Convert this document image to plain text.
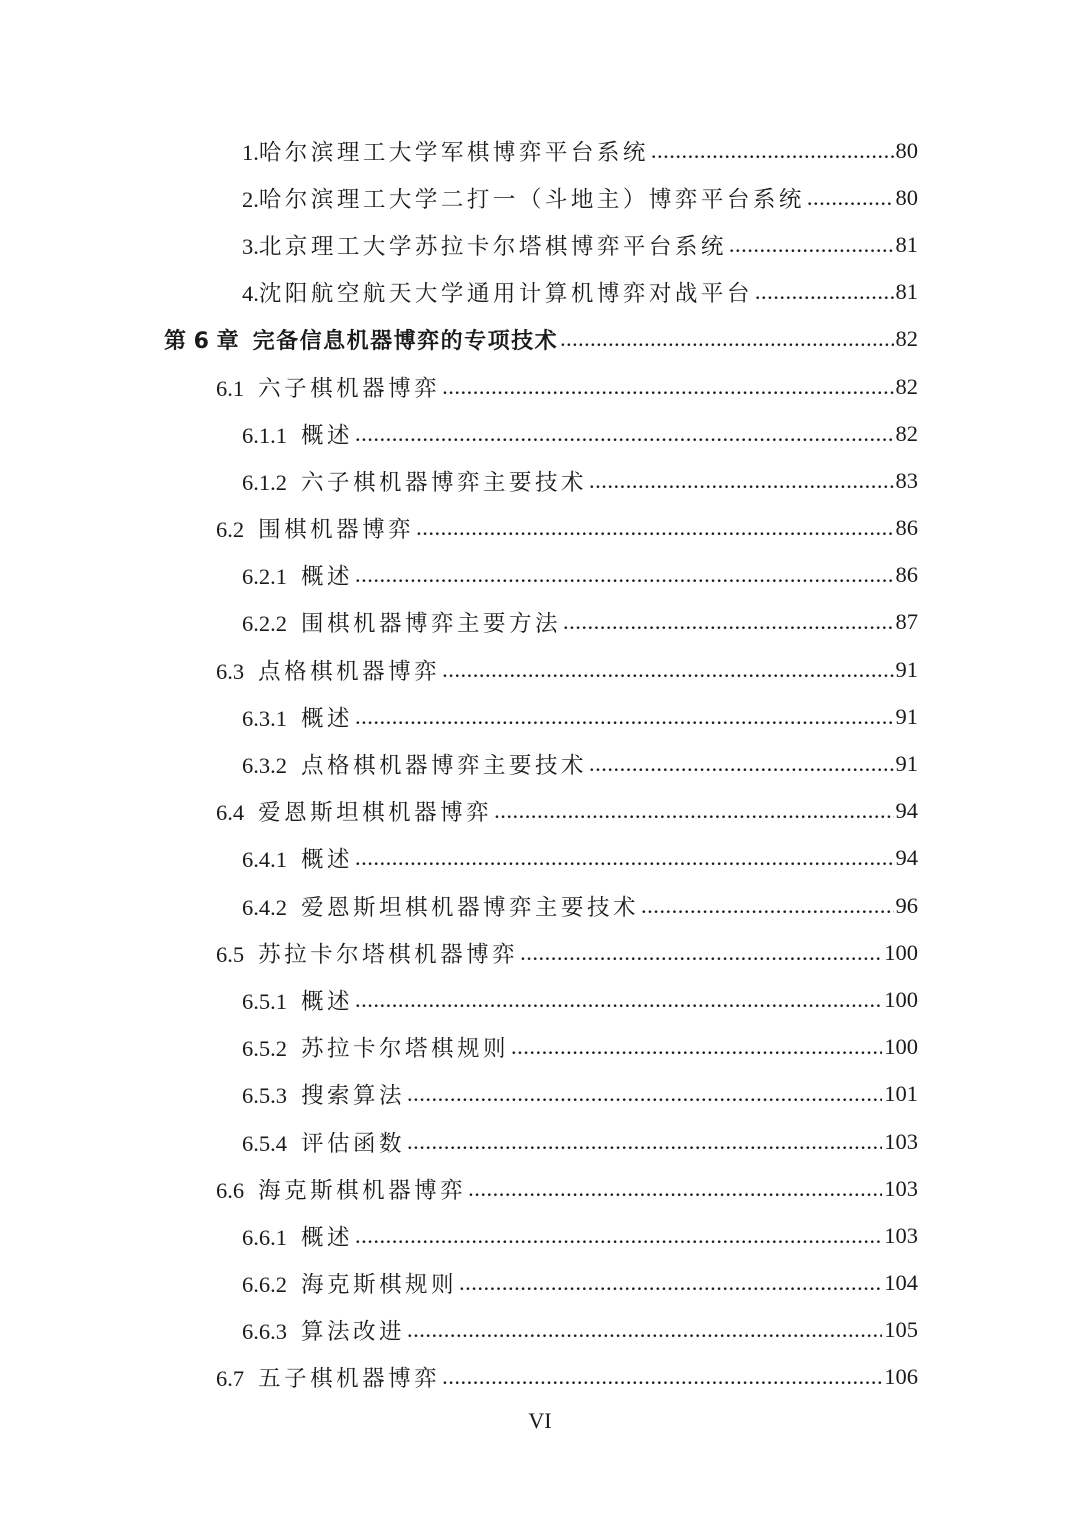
1.哈尔滨理工大学军棋博弈平台系统 .....	80
2.哈尔滨理工大学二打一（斗地主）博弈平台系统 .....	80
3.北京理工大学苏拉卡尔塔棋博弈平台系统 .....	81
4.沈阳航空航天大学通用计算机博弈对战平台 .....	81
第 6 章 完备信息机器博弈的专项技术 .....	82
6.1 六子棋机器博弈 .....	82
6.1.1 概述 .....	82
6.1.2 六子棋机器博弈主要技术 .....	83
6.2 围棋机器博弈 .....	86
6.2.1 概述 .....	86
6.2.2 围棋机器博弈主要方法 .....	87
6.3 点格棋机器博弈 .....	91
6.3.1 概述 .....	91
6.3.2 点格棋机器博弈主要技术 .....	91
6.4 爱恩斯坦棋机器博弈 .....	94
6.4.1 概述 .....	94
6.4.2 爱恩斯坦棋机器博弈主要技术 .....	96
6.5 苏拉卡尔塔棋机器博弈 .....	100
6.5.1 概述 .....	100
6.5.2 苏拉卡尔塔棋规则 .....	100
6.5.3 搜索算法 .....	101
6.5.4 评估函数 .....	103
6.6 海克斯棋机器博弈 .....	103
6.6.1 概述 .....	103
6.6.2 海克斯棋规则 .....	104
6.6.3 算法改进 .....	105
6.7 五子棋机器博弈 .....	106
VI
